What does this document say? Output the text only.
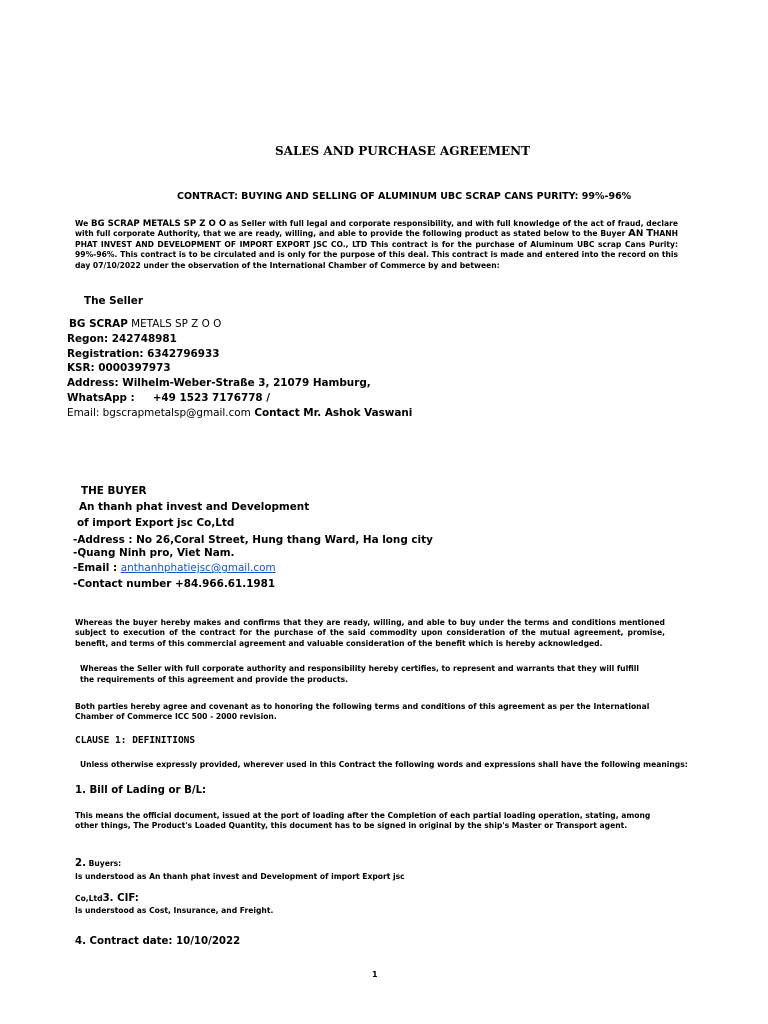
SALES AND PURCHASE AGREEMENT
CONTRACT: BUYING AND SELLING OF ALUMINUM UBC SCRAP CANS PURITY: 99%-96%
We BG SCRAP METALS SP Z O O as Seller with full legal and corporate responsibility, and with full knowledge of the act of fraud, declare with full corporate Authority, that we are ready, willing, and able to provide the following product as stated below to the Buyer AN THANH PHAT INVEST AND DEVELOPMENT OF IMPORT EXPORT JSC CO., LTD This contract is for the purchase of Aluminum UBC scrap Cans Purity: 99%-96%. This contract is to be circulated and is only for the purpose of this deal. This contract is made and entered into the record on this day 07/10/2022 under the observation of the International Chamber of Commerce by and between:
The Seller
BG SCRAP METALS SP Z O O
Regon: 242748981
Registration: 6342796933
KSR: 0000397973
Address: Wilhelm-Weber-Straße 3, 21079 Hamburg,
WhatsApp : +49 1523 7176778 /
Email: bgscrapmetalsp@gmail.com Contact Mr. Ashok Vaswani
THE BUYER
An thanh phat invest and Development
of import Export jsc Co,Ltd
-Address : No 26,Coral Street, Hung thang Ward, Ha long city
-Quang Ninh pro, Viet Nam.
-Email : anthanhphatiejsc@gmail.com
-Contact number +84.966.61.1981
Whereas the buyer hereby makes and confirms that they are ready, willing, and able to buy under the terms and conditions mentioned subject to execution of the contract for the purchase of the said commodity upon consideration of the mutual agreement, promise, benefit, and terms of this commercial agreement and valuable consideration of the benefit which is hereby acknowledged.
Whereas the Seller with full corporate authority and responsibility hereby certifies, to represent and warrants that they will fulfill
the requirements of this agreement and provide the products.
Both parties hereby agree and covenant as to honoring the following terms and conditions of this agreement as per the International Chamber of Commerce ICC 500 - 2000 revision.
CLAUSE 1: DEFINITIONS
Unless otherwise expressly provided, wherever used in this Contract the following words and expressions shall have the following meanings:
1. Bill of Lading or B/L:
This means the official document, issued at the port of loading after the Completion of each partial loading operation, stating, among other things, The Product's Loaded Quantity, this document has to be signed in original by the ship's Master or Transport agent.
2. Buyers:
Is understood as An thanh phat invest and Development of import Export jsc
Co,Ltd3. CIF:
Is understood as Cost, Insurance, and Freight.
4. Contract date: 10/10/2022
1
